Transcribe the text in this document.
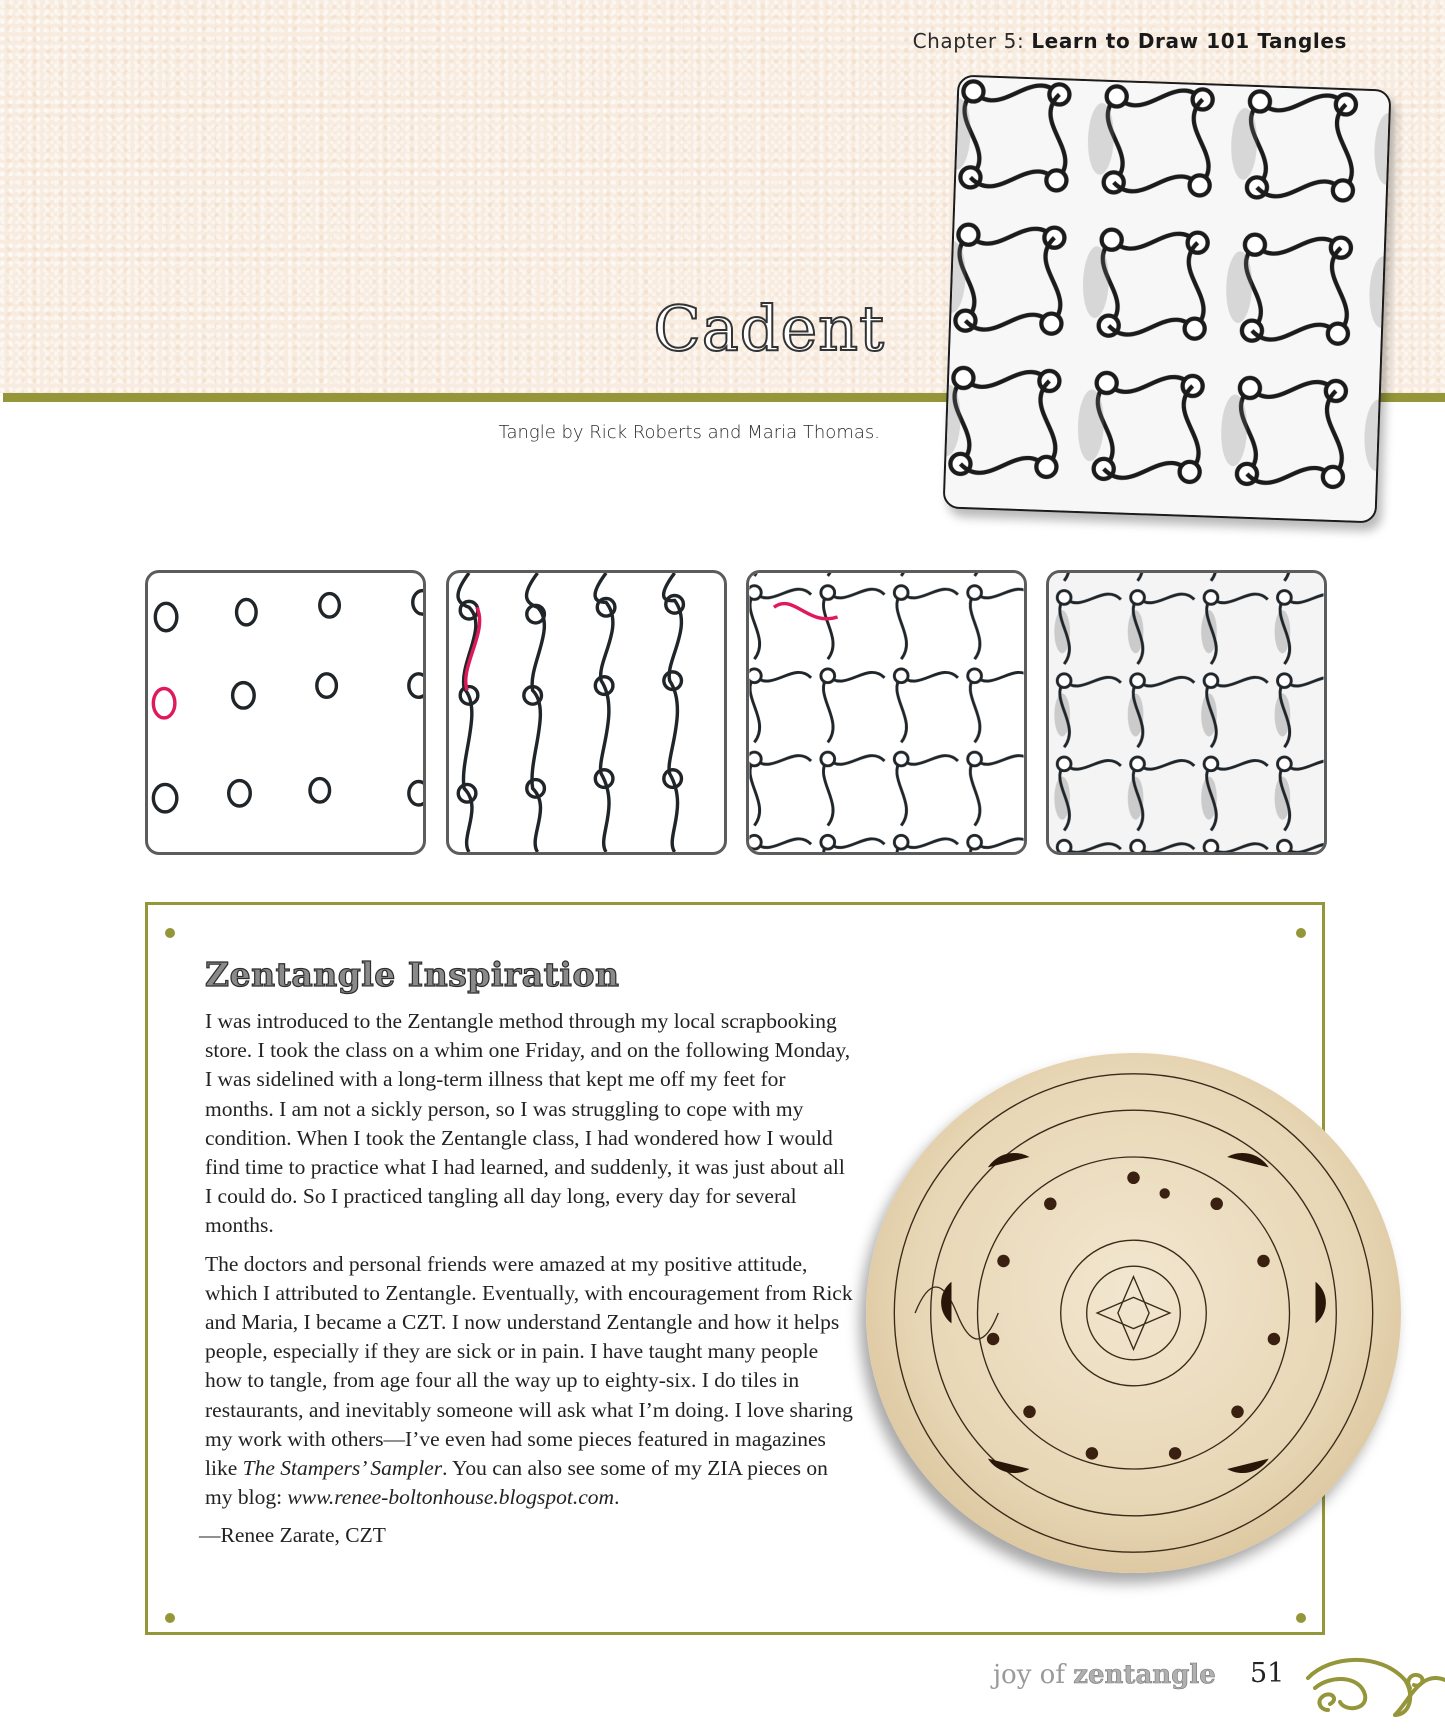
Chapter 5: Learn to Draw 101 Tangles
Cadent
Tangle by Rick Roberts and Maria Thomas.
Zentangle Inspiration

I was introduced to the Zentangle method through my local scrapbooking store. I took the class on a whim one Friday, and on the following Monday, I was sidelined with a long-term illness that kept me off my feet for months. I am not a sickly person, so I was struggling to cope with my condition. When I took the Zentangle class, I had wondered how I would find time to practice what I had learned, and suddenly, it was just about all I could do. So I practiced tangling all day long, every day for several months.

The doctors and personal friends were amazed at my positive attitude, which I attributed to Zentangle. Eventually, with encouragement from Rick and Maria, I became a CZT. I now understand Zentangle and how it helps people, especially if they are sick or in pain. I have taught many people how to tangle, from age four all the way up to eighty-six. I do tiles in restaurants, and inevitably someone will ask what I’m doing. I love sharing my work with others—I’ve even had some pieces featured in magazines like The Stampers’ Sampler. You can also see some of my ZIA pieces on my blog: www.renee-boltonhouse.blogspot.com.

—Renee Zarate, CZT

joy of zentangle 51
